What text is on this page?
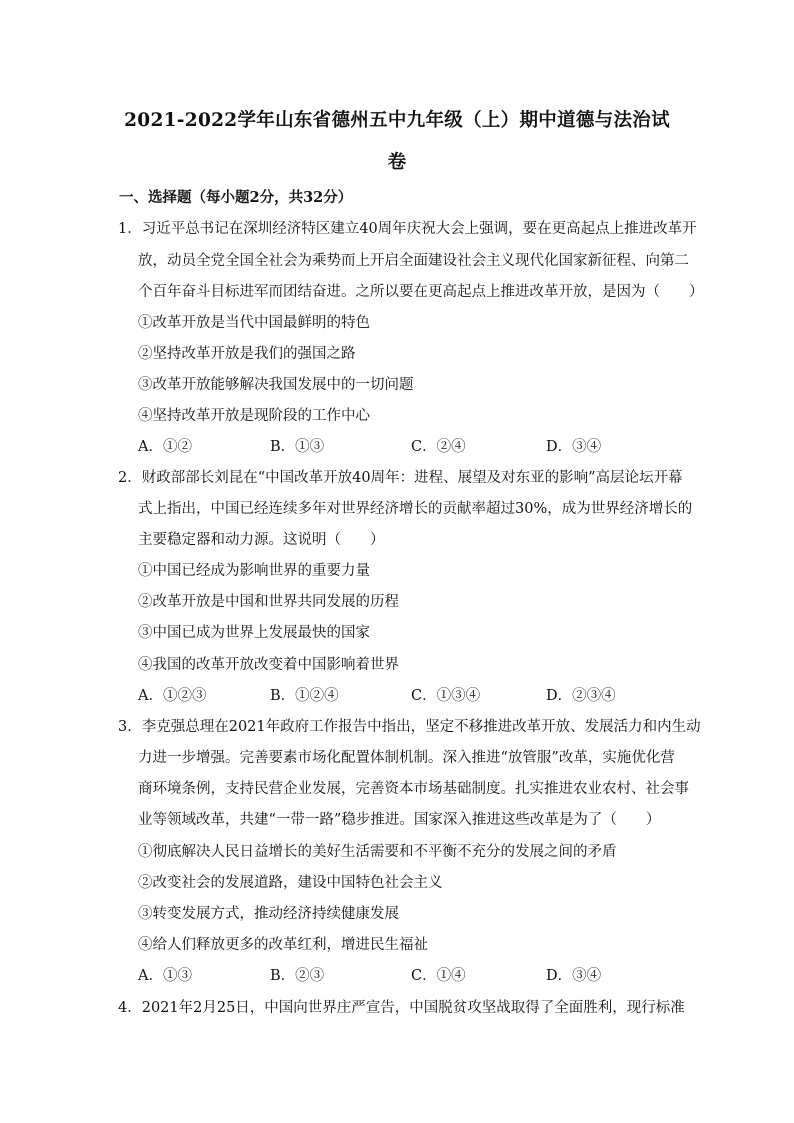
2021-2022学年山东省德州五中九年级（上）期中道德与法治试
卷
一、选择题（每小题2分，共32分）
1．习近平总书记在深圳经济特区建立40周年庆祝大会上强调，要在更高起点上推进改革开
放，动员全党全国全社会为乘势而上开启全面建设社会主义现代化国家新征程、向第二
个百年奋斗目标进军而团结奋进。之所以要在更高起点上推进改革开放，是因为（　　）
①改革开放是当代中国最鲜明的特色
②坚持改革开放是我们的强国之路
③改革开放能够解决我国发展中的一切问题
④坚持改革开放是现阶段的工作中心
A．①②	B．①③	C．②④	D．③④
2．财政部部长刘昆在“中国改革开放40周年：进程、展望及对东亚的影响”高层论坛开幕
式上指出，中国已经连续多年对世界经济增长的贡献率超过30%，成为世界经济增长的
主要稳定器和动力源。这说明（　　）
①中国已经成为影响世界的重要力量
②改革开放是中国和世界共同发展的历程
③中国已成为世界上发展最快的国家
④我国的改革开放改变着中国影响着世界
A．①②③	B．①②④	C．①③④	D．②③④
3．李克强总理在2021年政府工作报告中指出，坚定不移推进改革开放、发展活力和内生动
力进一步增强。完善要素市场化配置体制机制。深入推进“放管服”改革，实施优化营
商环境条例，支持民营企业发展，完善资本市场基础制度。扎实推进农业农村、社会事
业等领域改革，共建“一带一路”稳步推进。国家深入推进这些改革是为了（　　）
①彻底解决人民日益增长的美好生活需要和不平衡不充分的发展之间的矛盾
②改变社会的发展道路，建设中国特色社会主义
③转变发展方式，推动经济持续健康发展
④给人们释放更多的改革红利，增进民生福祉
A．①③	B．②③	C．①④	D．③④
4．2021年2月25日，中国向世界庄严宣告，中国脱贫攻坚战取得了全面胜利，现行标准
